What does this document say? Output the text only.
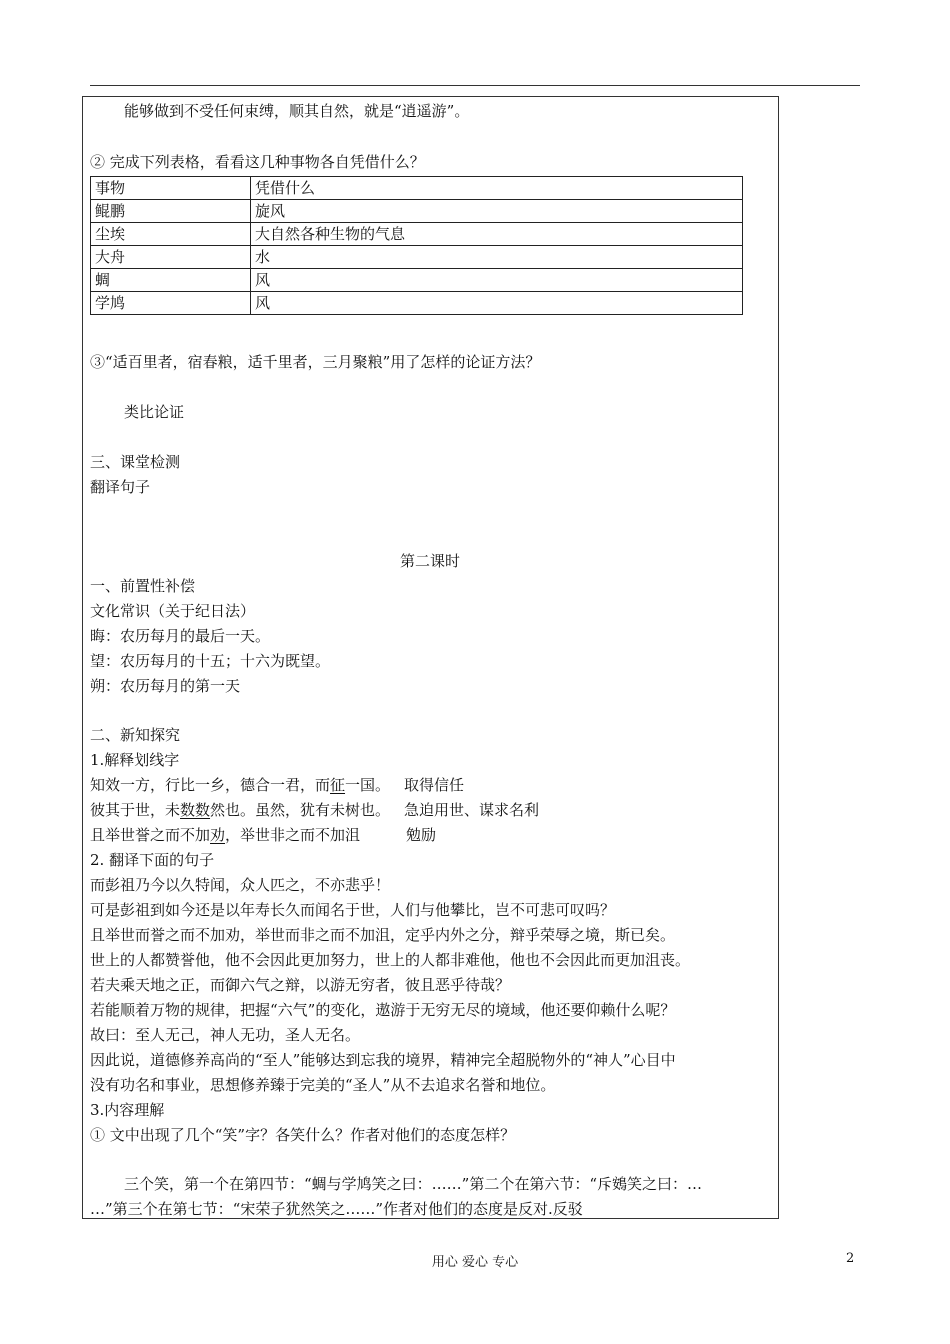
能够做到不受任何束缚，顺其自然，就是“逍遥游”。
② 完成下列表格，看看这几种事物各自凭借什么？
事物	凭借什么
鲲鹏	旋风
尘埃	大自然各种生物的气息
大舟	水
蜩	风
学鸠	风
③“适百里者，宿春粮，适千里者，三月聚粮”用了怎样的论证方法？
类比论证
三、课堂检测
翻译句子
第二课时
一、前置性补偿
文化常识（关于纪日法）
晦：农历每月的最后一天。
望：农历每月的十五；十六为既望。
朔：农历每月的第一天
二、新知探究
1.解释划线字
知效一方，行比一乡，德合一君，而征一国。 取得信任
彼其于世，未数数然也。虽然，犹有未树也。 急迫用世、谋求名利
且举世誉之而不加劝，举世非之而不加沮	勉励
2. 翻译下面的句子
而彭祖乃今以久特闻，众人匹之，不亦悲乎！
可是彭祖到如今还是以年寿长久而闻名于世，人们与他攀比，岂不可悲可叹吗？
且举世而誉之而不加劝，举世而非之而不加沮，定乎内外之分，辩乎荣辱之境，斯已矣。
世上的人都赞誉他，他不会因此更加努力，世上的人都非难他，他也不会因此而更加沮丧。
若夫乘天地之正，而御六气之辩，以游无穷者，彼且恶乎待哉？
若能顺着万物的规律，把握“六气”的变化，遨游于无穷无尽的境域，他还要仰赖什么呢？
故曰：至人无己，神人无功，圣人无名。
因此说，道德修养高尚的“至人”能够达到忘我的境界，精神完全超脱物外的“神人”心目中
没有功名和事业，思想修养臻于完美的“圣人”从不去追求名誉和地位。
3.内容理解
① 文中出现了几个“笑”字？各笑什么？作者对他们的态度怎样？
三个笑，第一个在第四节：“蜩与学鸠笑之曰：……”第二个在第六节：“斥鴳笑之曰：…
…”第三个在第七节：“宋荣子犹然笑之……”作者对他们的态度是反对.反驳
用心 爱心 专心	2
